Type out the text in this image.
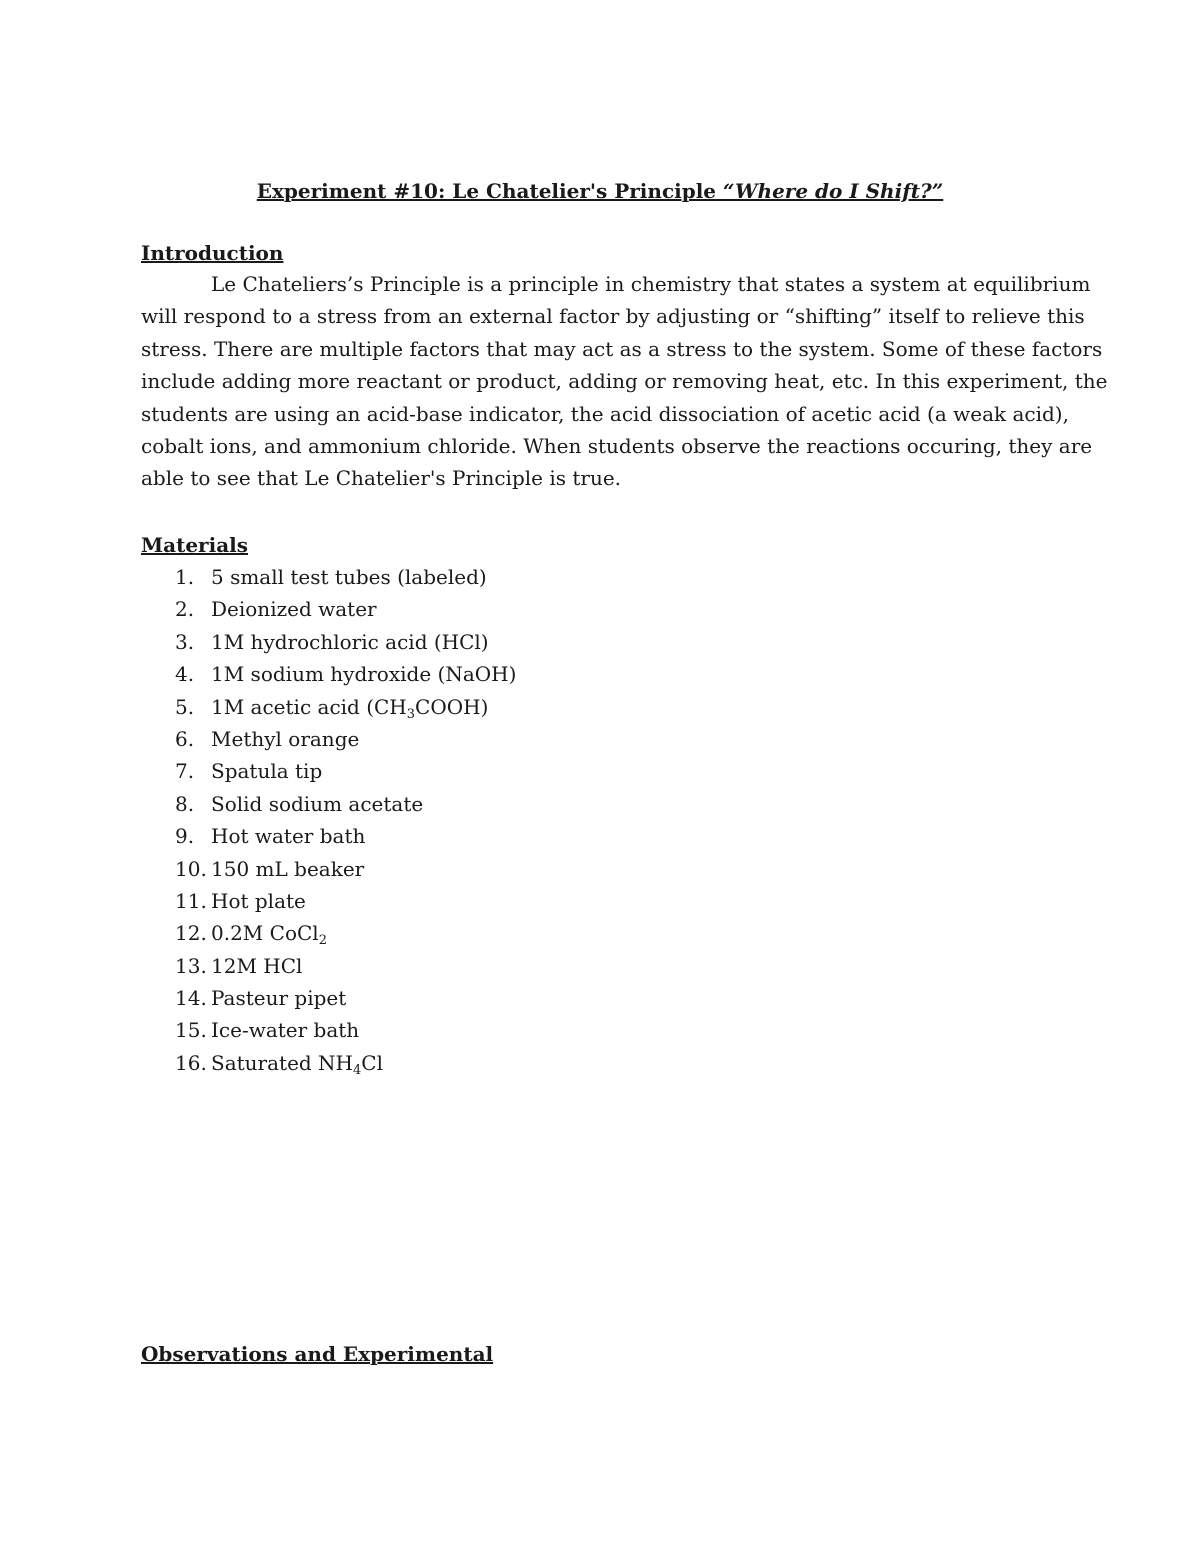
Experiment #10: Le Chatelier's Principle “Where do I Shift?”
Introduction
Le Chateliers’s Principle is a principle in chemistry that states a system at equilibrium
will respond to a stress from an external factor by adjusting or “shifting” itself to relieve this
stress. There are multiple factors that may act as a stress to the system. Some of these factors
include adding more reactant or product, adding or removing heat, etc. In this experiment, the
students are using an acid-base indicator, the acid dissociation of acetic acid (a weak acid),
cobalt ions, and ammonium chloride. When students observe the reactions occuring, they are
able to see that Le Chatelier's Principle is true.
Materials
1. 5 small test tubes (labeled)
2. Deionized water
3. 1M hydrochloric acid (HCl)
4. 1M sodium hydroxide (NaOH)
5. 1M acetic acid $(CH_3COOH)$
6. Methyl orange
7. Spatula tip
8. Solid sodium acetate
9. Hot water bath
10. 150 mL beaker
11. Hot plate
12. 0.2M CoCl$_2$
13. 12M HCl
14. Pasteur pipet
15. Ice-water bath
16. Saturated $NH_4Cl$
Observations and Experimental
